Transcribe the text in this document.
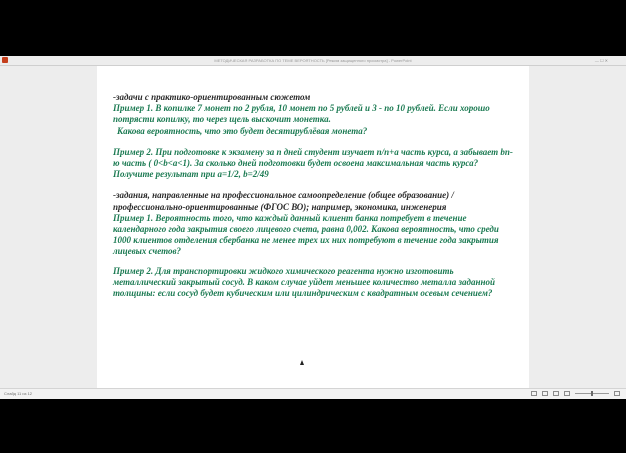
МЕТОДИЧЕСКАЯ РАЗРАБОТКА ПО ТЕМЕ ВЕРОЯТНОСТЬ [Режим защищенного просмотра] - PowerPoint	— ☐ ✕

-задачи с практико-ориентированным сюжетом

Пример 1. В копилке 7 монет по 2 рубля, 10 монет по 5 рублей и 3 - по 10 рублей. Если хорошо потрясти копилку, то через щель выскочит монетка.

Какова вероятность, что это будет десятирублёвая монета?

Пример 2. При подготовке к экзамену за n дней студент изучает n/n+a часть курса, а забывает bn-ю часть ( 0<b<a<1). За сколько дней подготовки будет освоена максимальная часть курса? Получите результат при a=1/2, b=2/49

-задания, направленные на профессиональное самоопределение (общее образование) / профессионально-ориентированные (ФГОС ВО); например, экономика, инженерия

Пример 1. Вероятность того, что каждый данный клиент банка потребует в течение календарного года закрытия своего лицевого счета, равна 0,002. Какова вероятность, что среди 1000 клиентов отделения сбербанка не менее трех их них потребуют в течение года закрытия лицевых счетов?

Пример 2. Для транспортировки жидкого химического реагента нужно изготовить металлический закрытый сосуд. В каком случае уйдет меньшее количество металла заданной толщины: если сосуд будет кубическим или цилиндрическим с квадратным осевым сечением?

Слайд 11 из 12
